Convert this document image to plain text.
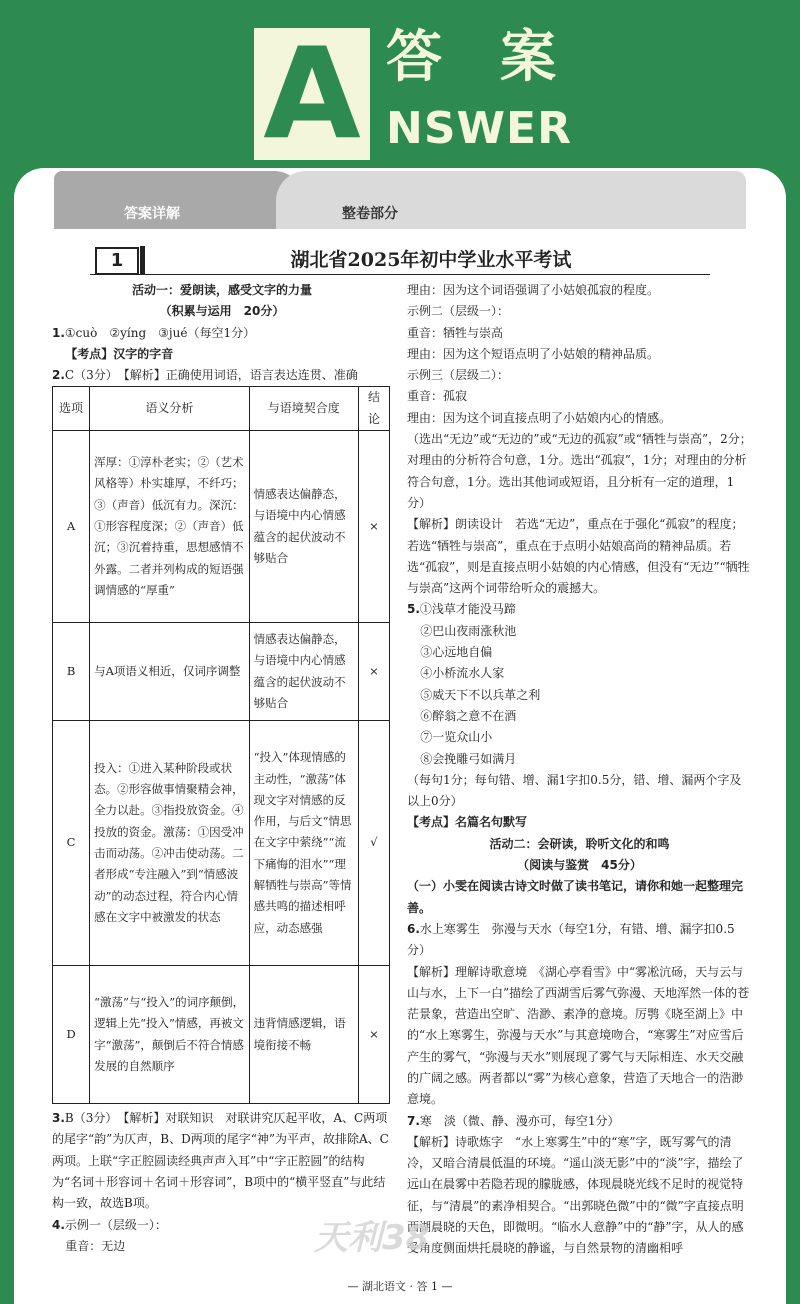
A 答 案
NSWER
答案详解	整卷部分
1	湖北省2025年初中学业水平考试

活动一：爱朗读，感受文字的力量

（积累与运用　20分）

1.①cuò　②yíng　③jué（每空1分）

【考点】汉字的字音

2.C（3分）　【解析】正确使用词语，语言表达连贯、准确

选项	语义分析	与语境契合度	结论
A	浑厚：①淳朴老实；②（艺术风格等）朴实雄厚，不纤巧；③（声音）低沉有力。深沉：①形容程度深；②（声音）低沉；③沉着持重，思想感情不外露。二者并列构成的短语强调情感的“厚重”	情感表达偏静态，与语境中内心情感蕴含的起伏波动不够贴合	×
B	与A项语义相近，仅词序调整	情感表达偏静态，与语境中内心情感蕴含的起伏波动不够贴合	×
C	投入：①进入某种阶段或状态。②形容做事情聚精会神，全力以赴。③指投放资金。④投放的资金。激荡：①因受冲击而动荡。②冲击使动荡。二者形成“专注融入”到“情感波动”的动态过程，符合内心情感在文字中被激发的状态	“投入”体现情感的主动性，“激荡”体现文字对情感的反作用，与后文“情思在文字中萦绕”“流下痛悔的泪水”“理解牺牲与崇高”等情感共鸣的描述相呼应，动态感强	√
D	“激荡”与“投入”的词序颠倒，逻辑上先“投入”情感，再被文字“激荡”，颠倒后不符合情感发展的自然顺序	违背情感逻辑，语境衔接不畅	×

3.B（3分）　【解析】对联知识　对联讲究仄起平收，A、C两项的尾字“韵”为仄声，B、D两项的尾字“神”为平声，故排除A、C两项。上联“字正腔圆读经典声声入耳”中“字正腔圆”的结构为“名词＋形容词＋名词＋形容词”，B项中的“横平竖直”与此结构一致，故选B项。

4.示例一（层级一）：

重音：无边

理由：因为这个词语强调了小姑娘孤寂的程度。

示例二（层级一）：

重音：牺牲与崇高

理由：因为这个短语点明了小姑娘的精神品质。

示例三（层级二）：

重音：孤寂

理由：因为这个词直接点明了小姑娘内心的情感。

（选出“无边”或“无边的”或“无边的孤寂”或“牺牲与崇高”，2分；对理由的分析符合句意，1分。选出“孤寂”，1分；对理由的分析符合句意，1分。选出其他词或短语，且分析有一定的道理，1分）

【解析】朗读设计　若选“无边”，重点在于强化“孤寂”的程度；若选“牺牲与崇高”，重点在于点明小姑娘高尚的精神品质。若选“孤寂”，则是直接点明小姑娘的内心情感，但没有“无边”“牺牲与崇高”这两个词带给听众的震撼大。

5.①浅草才能没马蹄

②巴山夜雨涨秋池

③心远地自偏

④小桥流水人家

⑤威天下不以兵革之利

⑥醉翁之意不在酒

⑦一览众山小

⑧会挽雕弓如满月

（每句1分；每句错、增、漏1字扣0.5分，错、增、漏两个字及以上0分）

【考点】名篇名句默写

活动二：会研读，聆听文化的和鸣

（阅读与鉴赏　45分）

（一）小雯在阅读古诗文时做了读书笔记，请你和她一起整理完善。

6.水上寒雾生　弥漫与天水（每空1分，有错、增、漏字扣0.5分）

【解析】理解诗歌意境　《湖心亭看雪》中“雾凇沆砀，天与云与山与水，上下一白”描绘了西湖雪后雾气弥漫、天地浑然一体的苍茫景象，营造出空旷、浩渺、素净的意境。厉鹗《晓至湖上》中的“水上寒雾生，弥漫与天水”与其意境吻合，“寒雾生”对应雪后产生的雾气，“弥漫与天水”则展现了雾气与天际相连、水天交融的广阔之感。两者都以“雾”为核心意象，营造了天地合一的浩渺意境。

7.寒　淡（微、静、漫亦可，每空1分）

【解析】诗歌炼字　“水上寒雾生”中的“寒”字，既写雾气的清冷，又暗合清晨低温的环境。“遥山淡无影”中的“淡”字，描绘了远山在晨雾中若隐若现的朦胧感，体现晨晓光线不足时的视觉特征，与“清晨”的素净相契合。“出郭晓色微”中的“微”字直接点明西湖晨晓的天色，即微明。“临水人意静”中的“静”字，从人的感受角度侧面烘托晨晓的静谧，与自然景物的清幽相呼

天利38
— 湖北语文 · 答 1 —
